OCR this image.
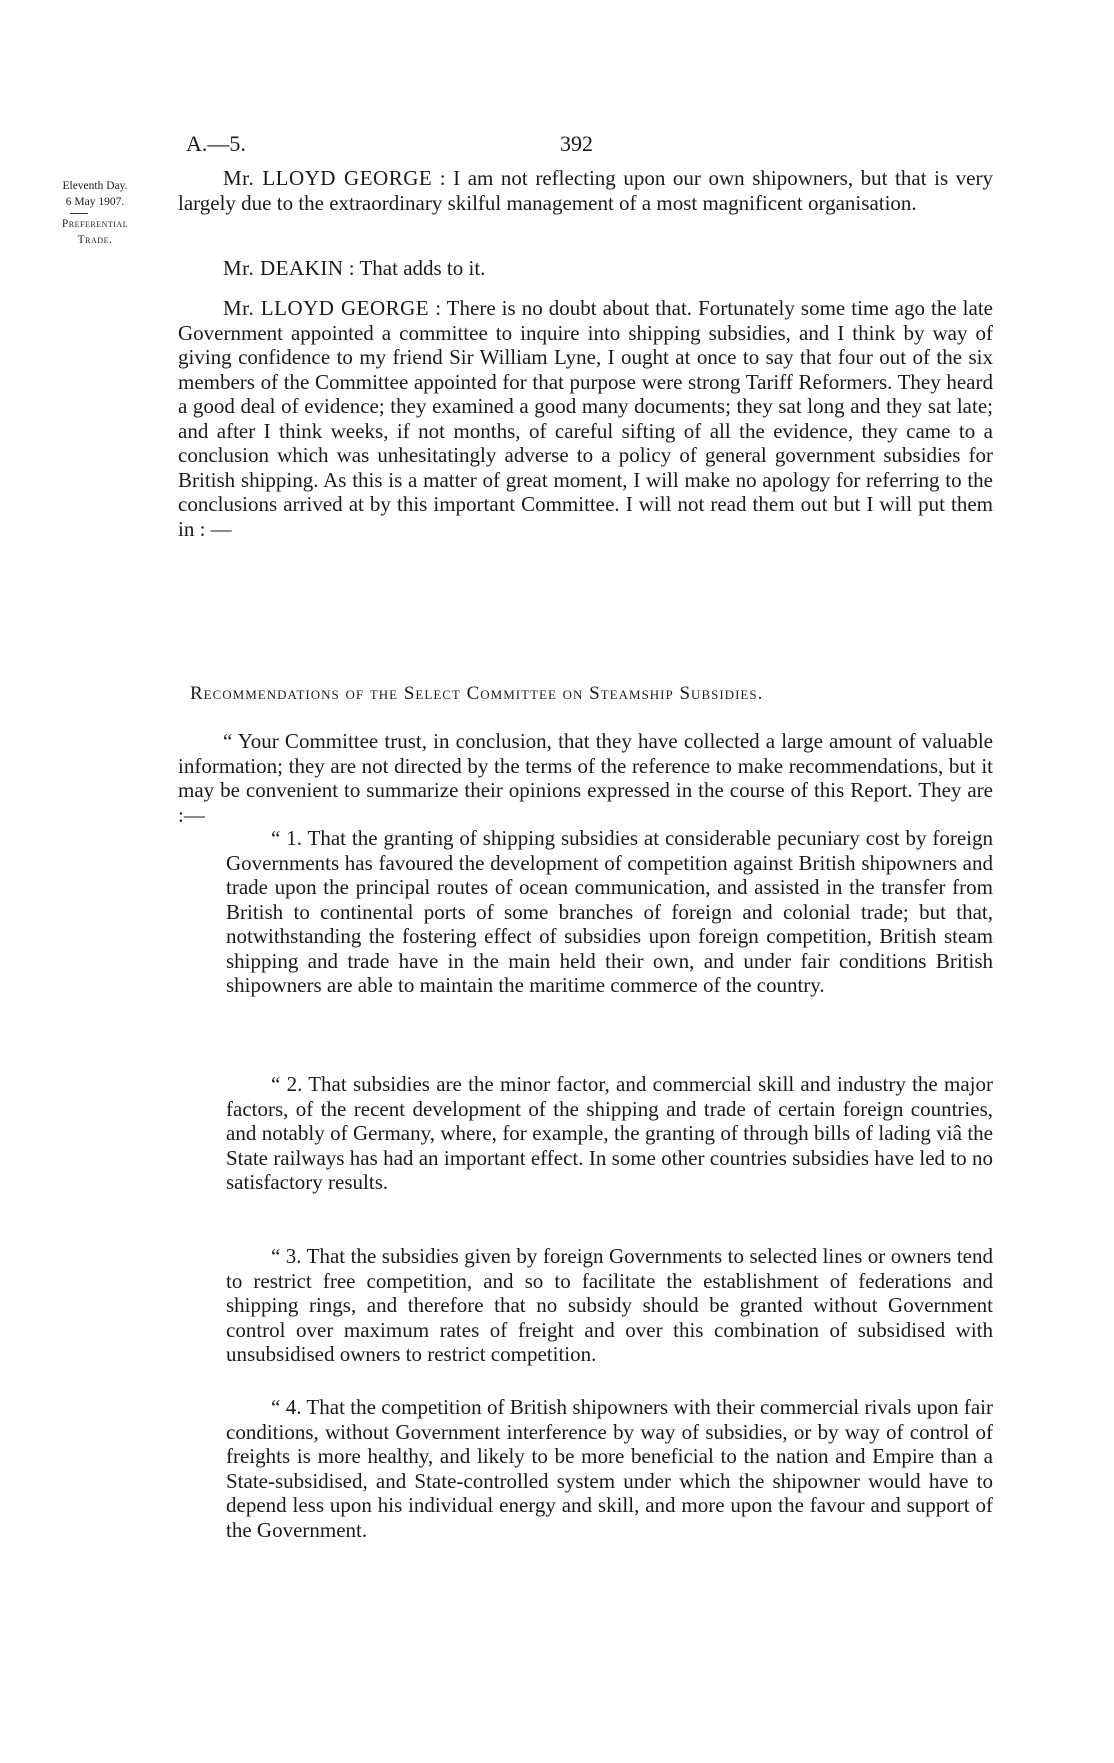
A.—5.	392
Eleventh Day.
6 May 1907.
Preferential
Trade.

Mr. LLOYD GEORGE : I am not reflecting upon our own shipowners, but that is very largely due to the extraordinary skilful management of a most magnificent organisation.

Mr. DEAKIN : That adds to it.

Mr. LLOYD GEORGE : There is no doubt about that. Fortunately some time ago the late Government appointed a committee to inquire into shipping subsidies, and I think by way of giving confidence to my friend Sir William Lyne, I ought at once to say that four out of the six members of the Committee appointed for that purpose were strong Tariff Reformers. They heard a good deal of evidence; they examined a good many documents; they sat long and they sat late; and after I think weeks, if not months, of careful sifting of all the evidence, they came to a conclusion which was unhesitatingly adverse to a policy of general government subsidies for British shipping. As this is a matter of great moment, I will make no apology for referring to the conclusions arrived at by this important Committee. I will not read them out but I will put them in : —

Recommendations of the Select Committee on Steamship Subsidies.

“ Your Committee trust, in conclusion, that they have collected a large amount of valuable information; they are not directed by the terms of the reference to make recommendations, but it may be convenient to summarize their opinions expressed in the course of this Report. They are :—

“ 1. That the granting of shipping subsidies at considerable pecuniary cost by foreign Governments has favoured the development of competition against British shipowners and trade upon the principal routes of ocean communication, and assisted in the transfer from British to continental ports of some branches of foreign and colonial trade; but that, notwithstanding the fostering effect of subsidies upon foreign competition, British steam shipping and trade have in the main held their own, and under fair conditions British shipowners are able to maintain the maritime commerce of the country.

“ 2. That subsidies are the minor factor, and commercial skill and industry the major factors, of the recent development of the shipping and trade of certain foreign countries, and notably of Germany, where, for example, the granting of through bills of lading viâ the State railways has had an important effect. In some other countries subsidies have led to no satisfactory results.

“ 3. That the subsidies given by foreign Governments to selected lines or owners tend to restrict free competition, and so to facilitate the establishment of federations and shipping rings, and therefore that no subsidy should be granted without Government control over maximum rates of freight and over this combination of subsidised with unsubsidised owners to restrict competition.

“ 4. That the competition of British shipowners with their commercial rivals upon fair conditions, without Government interference by way of subsidies, or by way of control of freights is more healthy, and likely to be more beneficial to the nation and Empire than a State-subsidised, and State-controlled system under which the shipowner would have to depend less upon his individual energy and skill, and more upon the favour and support of the Government.
